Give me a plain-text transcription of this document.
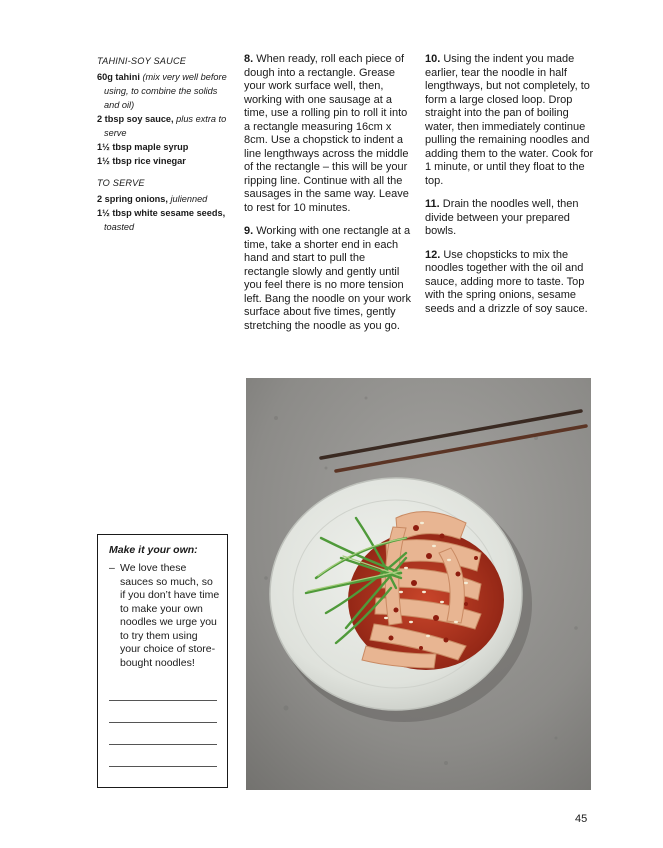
TAHINI-SOY SAUCE
60g tahini (mix very well before using, to combine the solids and oil)
2 tbsp soy sauce, plus extra to serve
1½ tbsp maple syrup
1½ tbsp rice vinegar
TO SERVE
2 spring onions, julienned
1½ tbsp white sesame seeds, toasted

8. When ready, roll each piece of dough into a rectangle. Grease your work surface well, then, working with one sausage at a time, use a rolling pin to roll it into a rectangle measuring 16cm x 8cm. Use a chopstick to indent a line lengthways across the middle of the rectangle – this will be your ripping line. Continue with all the sausages in the same way. Leave to rest for 10 minutes.

9. Working with one rectangle at a time, take a shorter end in each hand and start to pull the rectangle slowly and gently until you feel there is no more tension left. Bang the noodle on your work surface about five times, gently stretching the noodle as you go.

10. Using the indent you made earlier, tear the noodle in half lengthways, but not completely, to form a large closed loop. Drop straight into the pan of boiling water, then immediately continue pulling the remaining noodles and adding them to the water. Cook for 1 minute, or until they float to the top.

11. Drain the noodles well, then divide between your prepared bowls.

12. Use chopsticks to mix the noodles together with the oil and sauce, adding more to taste. Top with the spring onions, sesame seeds and a drizzle of soy sauce.

Make it your own:
– We love these sauces so much, so if you don’t have time to make your own noodles we urge you to try them using your choice of store-bought noodles!
45
